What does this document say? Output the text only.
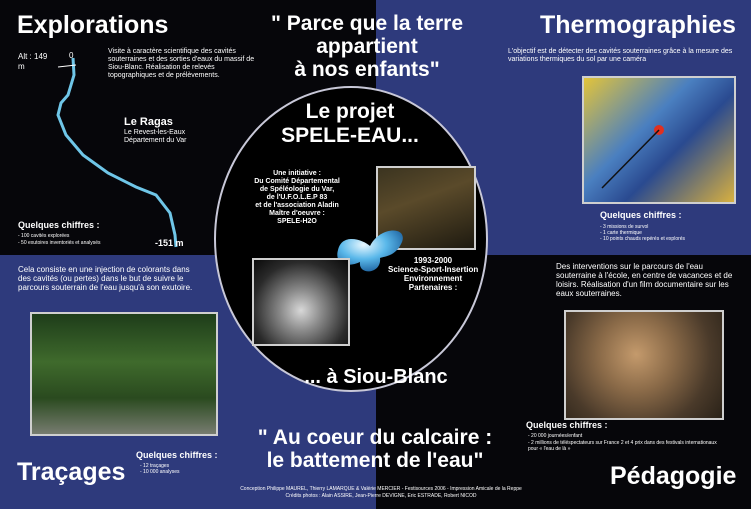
Explorations
Visite à caractère scientifique des cavités souterraines et des sorties d'eaux du massif de Siou-Blanc. Réalisation de relevés topographiques et de prélèvements.
Alt : 149 m
0
Le Ragas
Le Revest-les-Eaux Département du Var
Quelques chiffres :
- 100 cavités explorées
- 50 exutoires inventoriés et analysés	-151 m
" Parce que la terre
appartient
à nos enfants"
Thermographies
L'objectif est de détecter des cavités souterraines grâce à la mesure des variations thermiques du sol par une caméra
Quelques chiffres :
- 3 missions de survol
- 1 carte thermique
- 10 points chauds repérés et explorés
Cela consiste en une injection de colorants dans des cavités (ou pertes) dans le but de suivre le parcours souterrain de l'eau jusqu'à son exutoire.
Traçages
Quelques chiffres :
- 12 traçages
- 10 000 analyses
Des interventions sur le parcours de l'eau souterraine à l'école, en centre de vacances et de loisirs. Réalisation d'un film documentaire sur les eaux souterraines.
Quelques chiffres :
- 20 000 journées/enfant
- 2 millions de téléspectateurs sur France 2 et 4 prix dans des festivals internationaux pour « l'eau de là »
Pédagogie
" Au coeur du calcaire :
le battement de l'eau"
Conception Philippe MAUREL, Thierry LAMARQUE & Valérie MERCIER - Festisources 2006 - Impression Amicale de la Reppe
Crédits photos : Alain ASSIRE, Jean-Pierre DEVIGNE, Eric ESTRADE, Robert NICOD
Le projet
SPELE-EAU...
Une initiative :
Du Comité Départemental
de Spéléologie du Var,
de l'U.F.O.L.E.P 83
et de l'association Aladin
Maître d'oeuvre :
SPELE-H2O
1993-2000
Science-Sport-Insertion
Environnement
Partenaires :
... à Siou-Blanc
